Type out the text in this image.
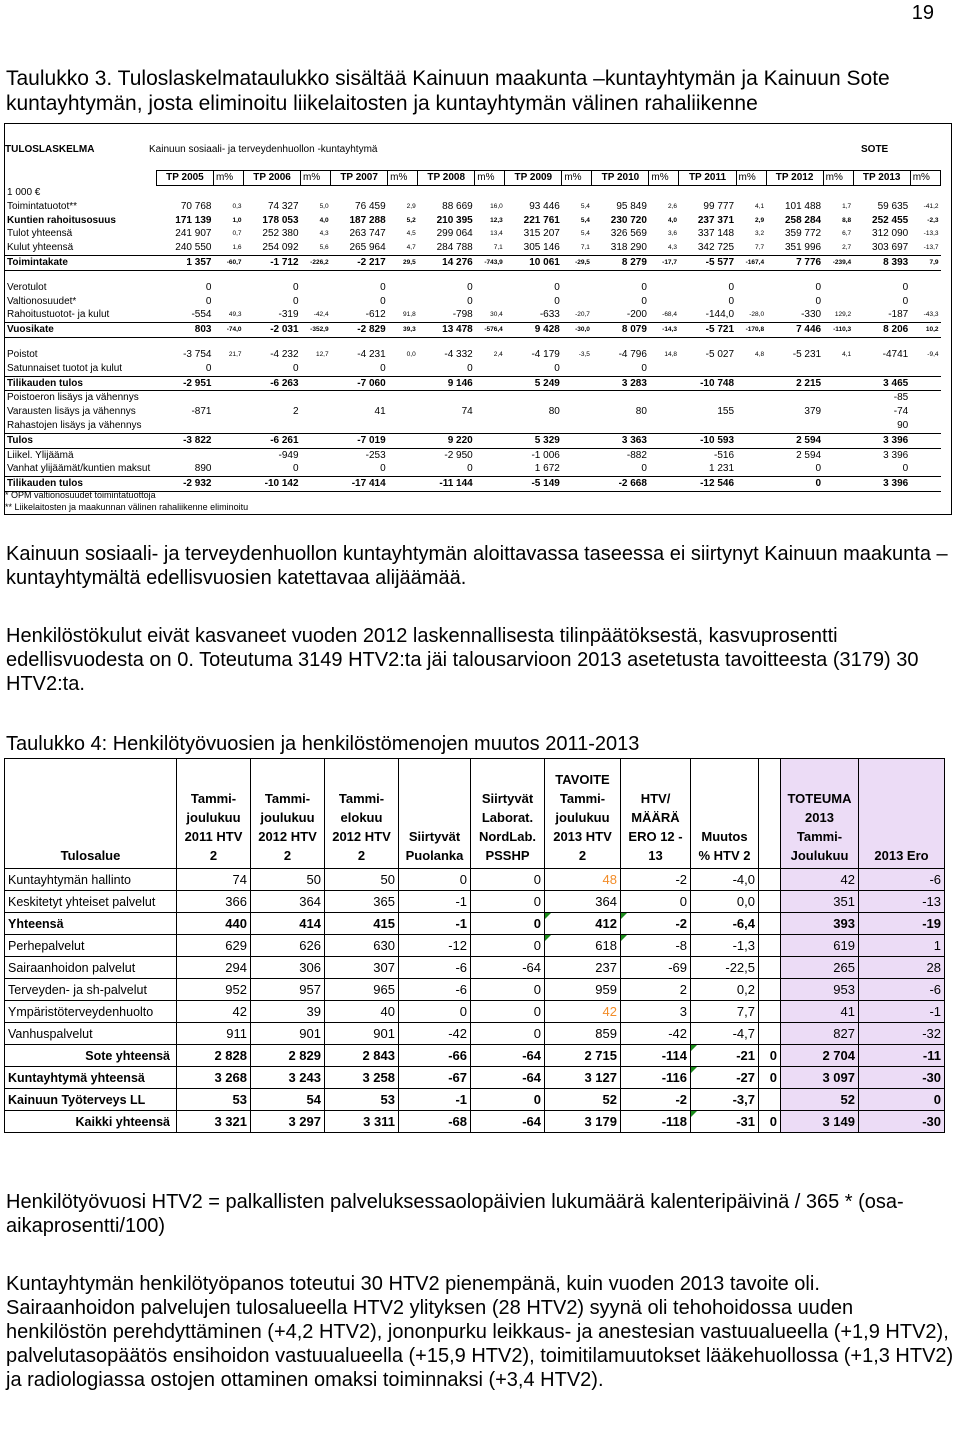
19
Taulukko 3. Tuloslaskelmataulukko sisältää Kainuun maakunta –kuntayhtymän ja Kainuun Sote kuntayhtymän, josta eliminoitu liikelaitosten ja kuntayhtymän välinen rahaliikenne
TULOSLASKELMA	Kainuun sosiaali- ja terveydenhuollon -kuntayhtymä	SOTE
	TP 2005	m%	TP 2006	m%	TP 2007	m%	TP 2008	m%	TP 2009	m%	TP 2010	m%	TP 2011	m%	TP 2012	m%	TP 2013	m%
1 000 €																		
Toimintatuotot**	70 768	0,3	74 327	5,0	76 459	2,9	88 669	16,0	93 446	5,4	95 849	2,6	99 777	4,1	101 488	1,7	59 635	-41,2
Kuntien rahoitusosuus	171 139	1,0	178 053	4,0	187 288	5,2	210 395	12,3	221 761	5,4	230 720	4,0	237 371	2,9	258 284	8,8	252 455	-2,3
Tulot yhteensä	241 907	0,7	252 380	4,3	263 747	4,5	299 064	13,4	315 207	5,4	326 569	3,6	337 148	3,2	359 772	6,7	312 090	-13,3
Kulut yhteensä	240 550	1,6	254 092	5,6	265 964	4,7	284 788	7,1	305 146	7,1	318 290	4,3	342 725	7,7	351 996	2,7	303 697	-13,7
Toimintakate	1 357	-60,7	-1 712	-226,2	-2 217	29,5	14 276	-743,9	10 061	-29,5	8 279	-17,7	-5 577	-167,4	7 776	-239,4	8 393	7,9

Verotulot	0		0		0		0		0		0		0		0		0	
Valtionosuudet*	0		0		0		0		0		0		0		0		0	
Rahoitustuotot- ja kulut	-554	49,3	-319	-42,4	-612	91,8	-798	30,4	-633	-20,7	-200	-68,4	-144,0	-28,0	-330	129,2	-187	-43,3
Vuosikate	803	-74,0	-2 031	-352,9	-2 829	39,3	13 478	-576,4	9 428	-30,0	8 079	-14,3	-5 721	-170,8	7 446	-110,3	8 206	10,2

Poistot	-3 754	21,7	-4 232	12,7	-4 231	0,0	-4 332	2,4	-4 179	-3,5	-4 796	14,8	-5 027	4,8	-5 231	4,1	-4741	-9,4
Satunnaiset tuotot ja kulut	0		0		0		0		0		0							
Tilikauden tulos	-2 951		-6 263		-7 060		9 146		5 249		3 283		-10 748		2 215		3 465	
Poistoeron lisäys ja vähennys																	-85	
Varausten lisäys ja vähennys	-871		2		41		74		80		80		155		379		-74	
Rahastojen lisäys ja vähennys																	90	
Tulos	-3 822		-6 261		-7 019		9 220		5 329		3 363		-10 593		2 594		3 396	
Liikel. Ylijäämä			-949		-253		-2 950		-1 006		-882		-516		2 594		3 396	
Vanhat ylijäämät/kuntien maksut	890		0		0		0		1 672		0		1 231		0		0	
Tilikauden tulos	-2 932		-10 142		-17 414		-11 144		-5 149		-2 668		-12 546		0		3 396	
* OPM valtionosuudet toimintatuottoja
** Liikelaitosten ja maakunnan välinen rahaliikenne eliminoitu
Kainuun sosiaali- ja terveydenhuollon kuntayhtymän aloittavassa taseessa ei siirtynyt Kainuun maakunta –kuntayhtymältä edellisvuosien katettavaa alijäämää.
Henkilöstökulut eivät kasvaneet vuoden 2012 laskennallisesta tilinpäätöksestä, kasvuprosentti edellisvuodesta on 0. Toteutuma 3149 HTV2:ta jäi talousarvioon 2013 asetetusta tavoitteesta (3179) 30 HTV2:ta.
Taulukko 4: Henkilötyövuosien ja henkilöstömenojen muutos 2011-2013
Tulosalue	Tammi-joulukuu 2011 HTV 2	Tammi-joulukuu 2012 HTV 2	Tammi-elokuu 2012 HTV 2	Siirtyvät Puolanka	Siirtyvät Laborat. NordLab. PSSHP	TAVOITE Tammi-joulukuu 2013 HTV 2	HTV/ MÄÄRÄ ERO 12 - 13	Muutos % HTV 2		TOTEUMA 2013 Tammi-Joulukuu	2013 Ero
Kuntayhtymän hallinto	74	50	50	0	0	48	-2	-4,0		42	-6
Keskitetyt yhteiset palvelut	366	364	365	-1	0	364	0	0,0		351	-13
Yhteensä	440	414	415	-1	0	412	-2	-6,4		393	-19
Perhepalvelut	629	626	630	-12	0	618	-8	-1,3		619	1
Sairaanhoidon palvelut	294	306	307	-6	-64	237	-69	-22,5		265	28
Terveyden- ja sh-palvelut	952	957	965	-6	0	959	2	0,2		953	-6
Ympäristöterveydenhuolto	42	39	40	0	0	42	3	7,7		41	-1
Vanhuspalvelut	911	901	901	-42	0	859	-42	-4,7		827	-32
Sote yhteensä	2 828	2 829	2 843	-66	-64	2 715	-114	-21	0	2 704	-11
Kuntayhtymä yhteensä	3 268	3 243	3 258	-67	-64	3 127	-116	-27	0	3 097	-30
Kainuun Työterveys LL	53	54	53	-1	0	52	-2	-3,7		52	0
Kaikki yhteensä	3 321	3 297	3 311	-68	-64	3 179	-118	-31	0	3 149	-30
Henkilötyövuosi HTV2 = palkallisten palveluksessaolopäivien lukumäärä kalenteripäivinä / 365 * (osa-aikaprosentti/100)
Kuntayhtymän henkilötyöpanos toteutui 30 HTV2 pienempänä, kuin vuoden 2013 tavoite oli. Sairaanhoidon palvelujen tulosalueella HTV2 ylityksen (28 HTV2) syynä oli tehohoidossa uuden henkilöstön perehdyttäminen (+4,2 HTV2), jononpurku leikkaus- ja anestesian vastuualueella (+1,9 HTV2), palvelutasopäätös ensihoidon vastuualueella (+15,9 HTV2), toimitilamuutokset lääkehuollossa (+1,3 HTV2) ja radiologiassa ostojen ottaminen omaksi toiminnaksi (+3,4 HTV2).
